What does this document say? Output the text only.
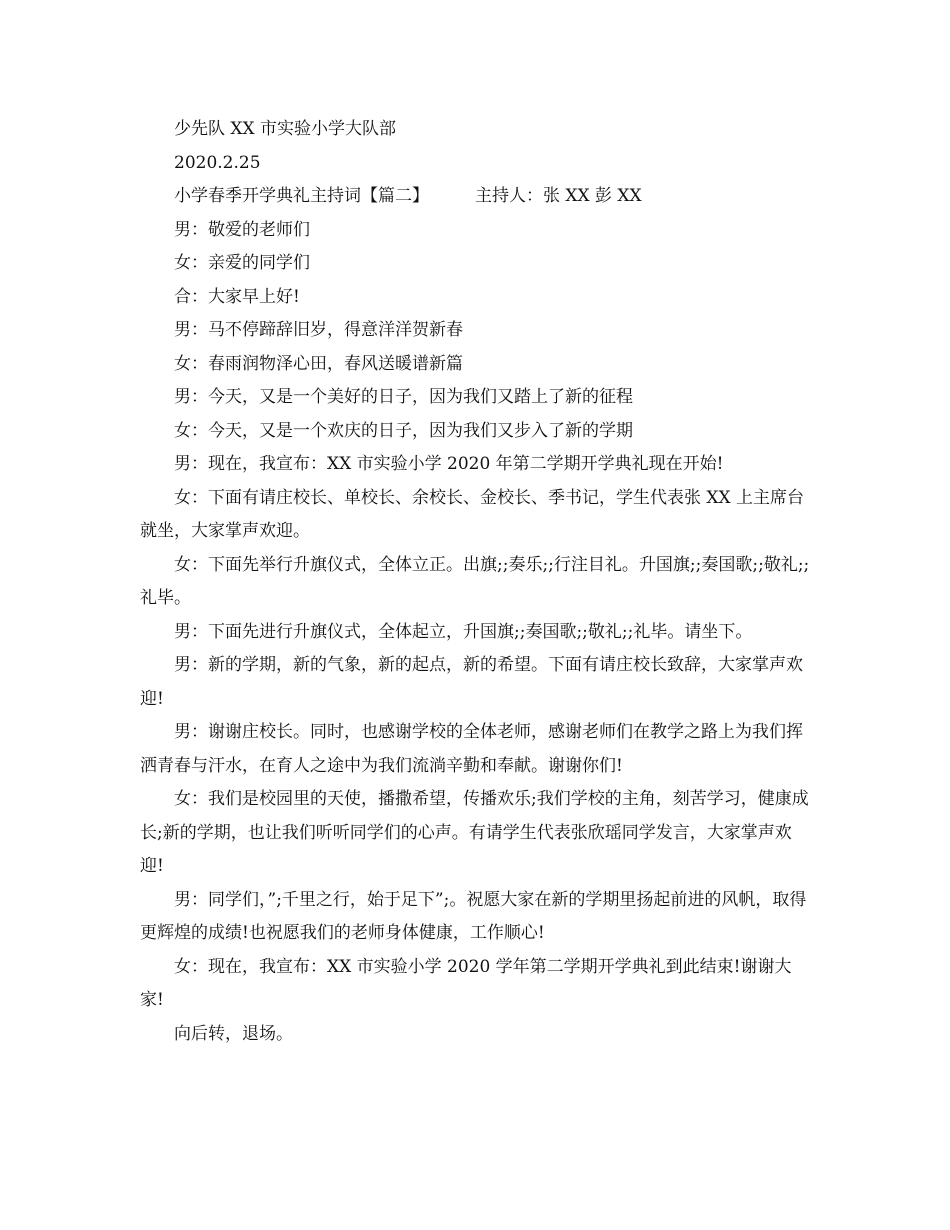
少先队 XX 市实验小学大队部

2020.2.25

小学春季开学典礼主持词【篇二】	主持人：张 XX 彭 XX

男：敬爱的老师们

女：亲爱的同学们

合：大家早上好!

男：马不停蹄辞旧岁，得意洋洋贺新春

女：春雨润物泽心田，春风送暖谱新篇

男：今天，又是一个美好的日子，因为我们又踏上了新的征程

女：今天，又是一个欢庆的日子，因为我们又步入了新的学期

男：现在，我宣布：XX 市实验小学 2020 年第二学期开学典礼现在开始!

女：下面有请庄校长、单校长、余校长、金校长、季书记，学生代表张 XX 上主席台就坐，大家掌声欢迎。

女：下面先举行升旗仪式，全体立正。出旗;;奏乐;;行注目礼。升国旗;;奏国歌;;敬礼;;礼毕。

男：下面先进行升旗仪式，全体起立，升国旗;;奏国歌;;敬礼;;礼毕。请坐下。

男：新的学期，新的气象，新的起点，新的希望。下面有请庄校长致辞，大家掌声欢迎!

男：谢谢庄校长。同时，也感谢学校的全体老师，感谢老师们在教学之路上为我们挥洒青春与汗水，在育人之途中为我们流淌辛勤和奉献。谢谢你们!

女：我们是校园里的天使，播撒希望，传播欢乐;我们学校的主角，刻苦学习，健康成长;新的学期，也让我们听听同学们的心声。有请学生代表张欣瑶同学发言，大家掌声欢迎!

男：同学们，”;千里之行，始于足下”;。祝愿大家在新的学期里扬起前进的风帆，取得更辉煌的成绩!也祝愿我们的老师身体健康，工作顺心!

女：现在，我宣布：XX 市实验小学 2020 学年第二学期开学典礼到此结束!谢谢大家!

向后转，退场。
